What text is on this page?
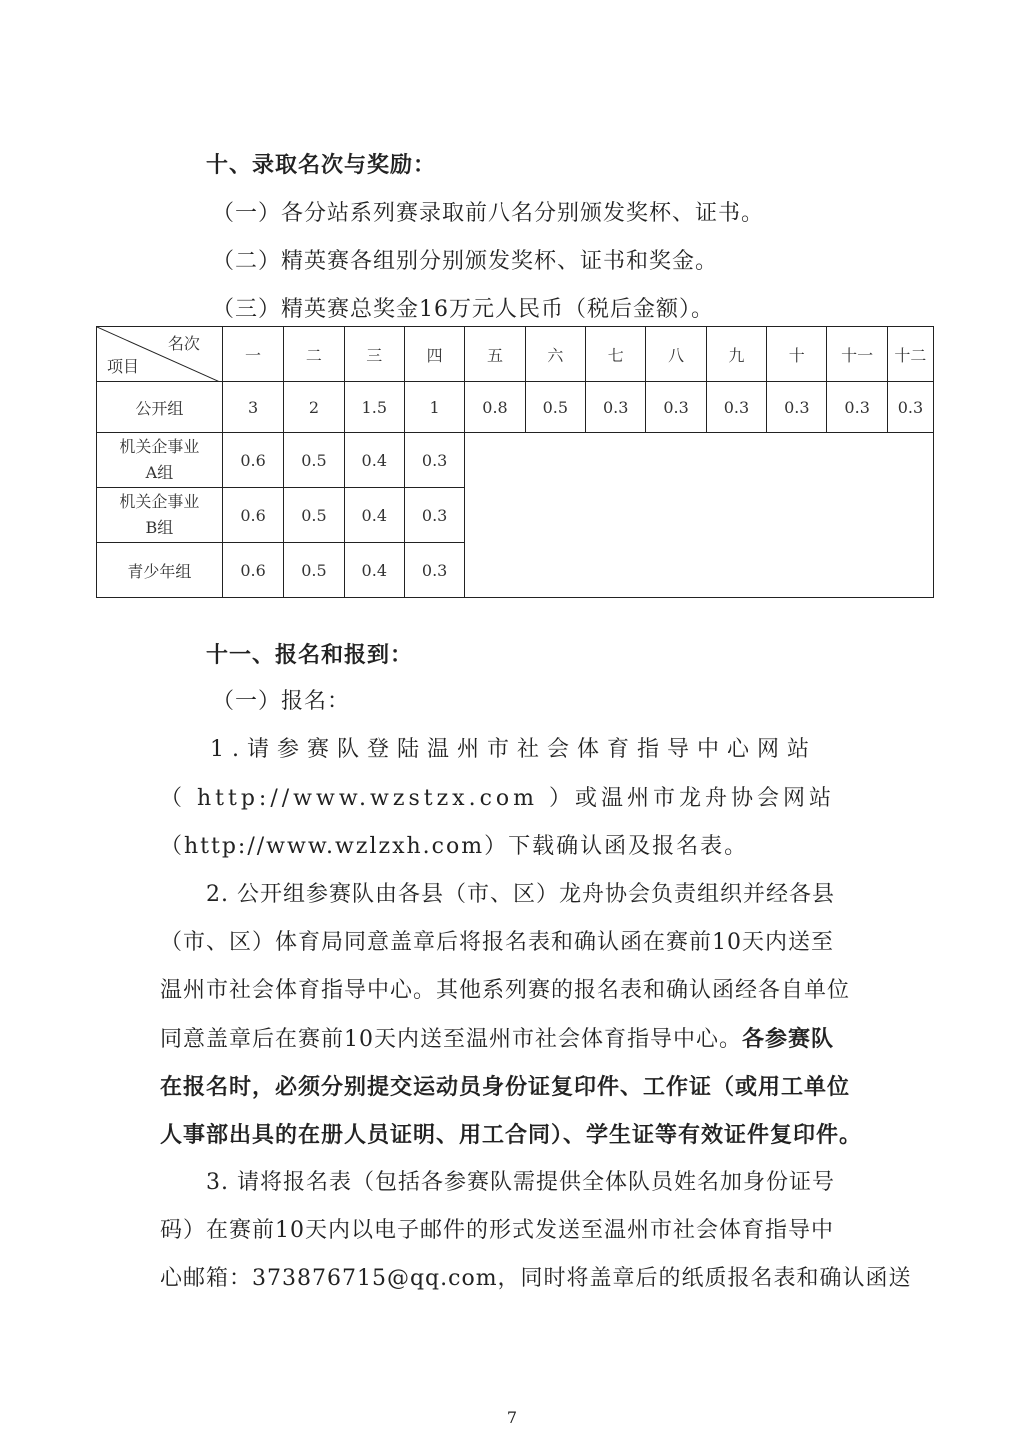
十、录取名次与奖励：
（一）各分站系列赛录取前八名分别颁发奖杯、证书。
（二）精英赛各组别分别颁发奖杯、证书和奖金。
（三）精英赛总奖金16万元人民币（税后金额）。
名次
项目	一	二	三	四	五	六	七	八	九	十	十一	十二
公开组	3	2	1.5	1	0.8	0.5	0.3	0.3	0.3	0.3	0.3	0.3

机关企事业
A组	0.6	0.5	0.4	0.3								

机关企事业
B组	0.6	0.5	0.4	0.3								
青少年组	0.6	0.5	0.4	0.3								
十一、报名和报到：
（一）报名：
1.请参赛队登陆温州市社会体育指导中心网站
（ http://www.wzstzx.com ）或温州市龙舟协会网站
（http://www.wzlzxh.com）下载确认函及报名表。
2. 公开组参赛队由各县（市、区）龙舟协会负责组织并经各县
（市、区）体育局同意盖章后将报名表和确认函在赛前10天内送至
温州市社会体育指导中心。其他系列赛的报名表和确认函经各自单位
同意盖章后在赛前10天内送至温州市社会体育指导中心。各参赛队
在报名时，必须分别提交运动员身份证复印件、工作证（或用工单位
人事部出具的在册人员证明、用工合同）、学生证等有效证件复印件。
3. 请将报名表（包括各参赛队需提供全体队员姓名加身份证号
码）在赛前10天内以电子邮件的形式发送至温州市社会体育指导中
心邮箱：373876715@qq.com，同时将盖章后的纸质报名表和确认函送
7
